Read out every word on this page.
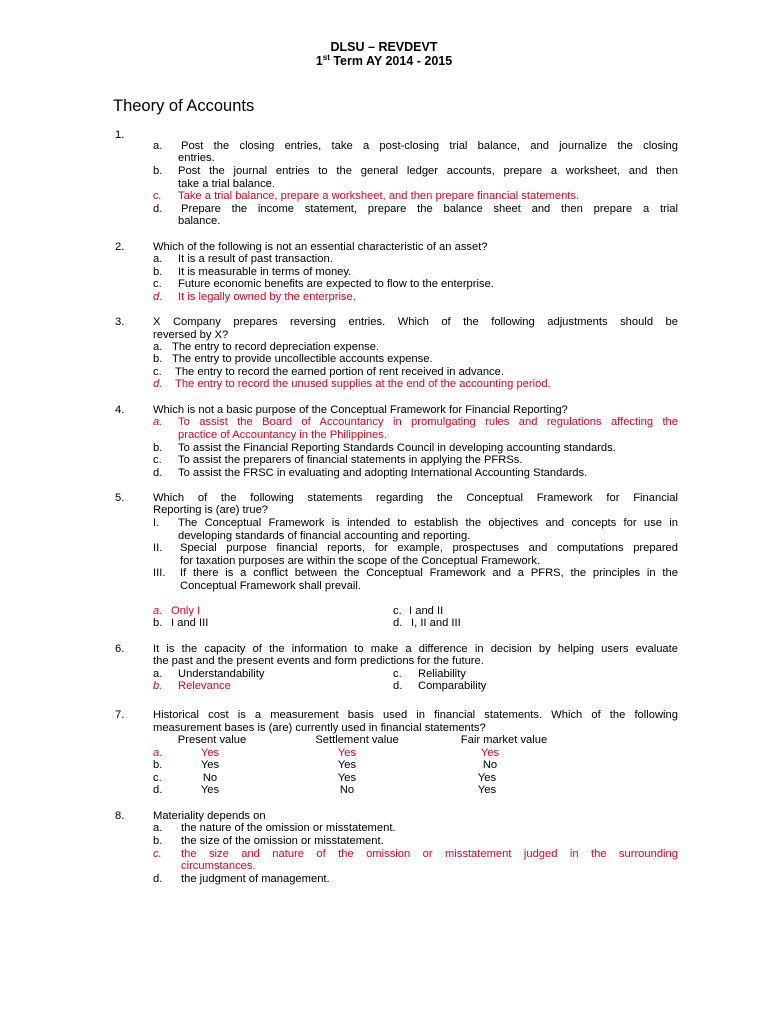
DLSU – REVDEVT
1st Term AY 2014 - 2015
Theory of Accounts
1.
a. Post the closing entries, take a post-closing trial balance, and journalize the closing
entries.
b. Post the journal entries to the general ledger accounts, prepare a worksheet, and then
take a trial balance.
c. Take a trial balance, prepare a worksheet, and then prepare financial statements.
d. Prepare the income statement, prepare the balance sheet and then prepare a trial
balance.
2.	Which of the following is not an essential characteristic of an asset?
a. It is a result of past transaction.
b. It is measurable in terms of money.
c. Future economic benefits are expected to flow to the enterprise.
d. It is legally owned by the enterprise.
3.	X Company prepares reversing entries. Which of the following adjustments should be
reversed by X?
a. The entry to record depreciation expense.
b. The entry to provide uncollectible accounts expense.
c. The entry to record the earned portion of rent received in advance.
d. The entry to record the unused supplies at the end of the accounting period.
4.	Which is not a basic purpose of the Conceptual Framework for Financial Reporting?
a. To assist the Board of Accountancy in promulgating rules and regulations affecting the
practice of Accountancy in the Philippines.
b. To assist the Financial Reporting Standards Council in developing accounting standards.
c. To assist the preparers of financial statements in applying the PFRSs.
d. To assist the FRSC in evaluating and adopting International Accounting Standards.
5.	Which of the following statements regarding the Conceptual Framework for Financial
Reporting is (are) true?
I. The Conceptual Framework is intended to establish the objectives and concepts for use in
developing standards of financial accounting and reporting.
II. Special purpose financial reports, for example, prospectuses and computations prepared
for taxation purposes are within the scope of the Conceptual Framework.
III. If there is a conflict between the Conceptual Framework and a PFRS, the principles in the
Conceptual Framework shall prevail.
a. Only I	c. I and II
b. I and III	d. I, II and III
6.	It is the capacity of the information to make a difference in decision by helping users evaluate
the past and the present events and form predictions for the future.
a. Understandability	c. Reliability
b. Relevance	d. Comparability
7.	Historical cost is a measurement basis used in financial statements. Which of the following
measurement bases is (are) currently used in financial statements?
Present value	Settlement value	Fair market value
a.	Yes	Yes	Yes
b.	Yes	Yes	No
c.	No	Yes	Yes
d.	Yes	No	Yes
8.	Materiality depends on
a. the nature of the omission or misstatement.
b. the size of the omission or misstatement.
c. the size and nature of the omission or misstatement judged in the surrounding
circumstances.
d. the judgment of management.
